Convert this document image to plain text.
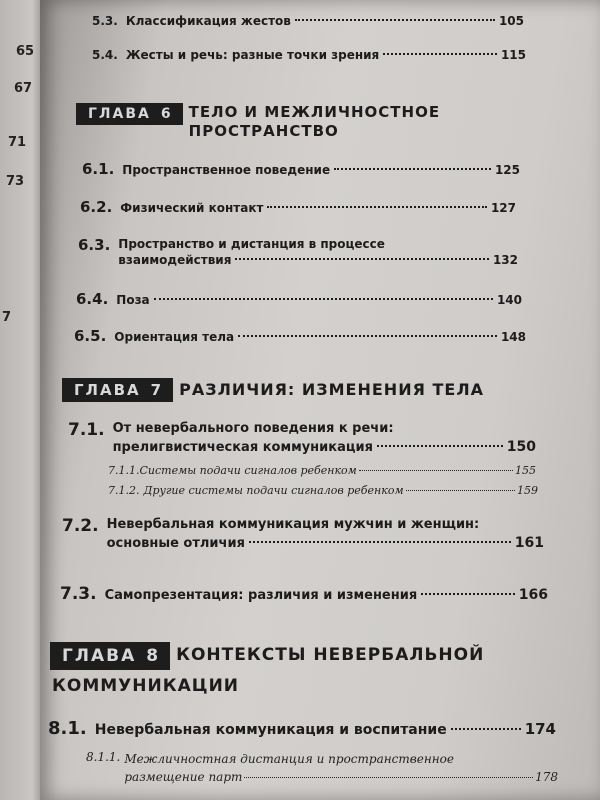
65
67
71
73
7
5.3. Классификация жестов	105
5.4. Жесты и речь: разные точки зрения	115
ГЛАВА 6 ТЕЛО И МЕЖЛИЧНОСТНОЕ
ПРОСТРАНСТВО
6.1. Пространственное поведение	125
6.2. Физический контакт	127
6.3. Пространство и дистанция в процессе
взаимодействия	132
6.4. Поза	140
6.5. Ориентация тела	148
ГЛАВА 7 РАЗЛИЧИЯ: ИЗМЕНЕНИЯ ТЕЛА
7.1. От невербального поведения к речи:
прелигвистическая коммуникация	150
7.1.1. Системы подачи сигналов ребенком	155
7.1.2. Другие системы подачи сигналов ребенком	159
7.2. Невербальная коммуникация мужчин и женщин:
основные отличия	161
7.3. Самопрезентация: различия и изменения	166
ГЛАВА 8 КОНТЕКСТЫ НЕВЕРБАЛЬНОЙ
КОММУНИКАЦИИ
8.1. Невербальная коммуникация и воспитание	174
8.1.1. Межличностная дистанция и пространственное
размещение парт	178
